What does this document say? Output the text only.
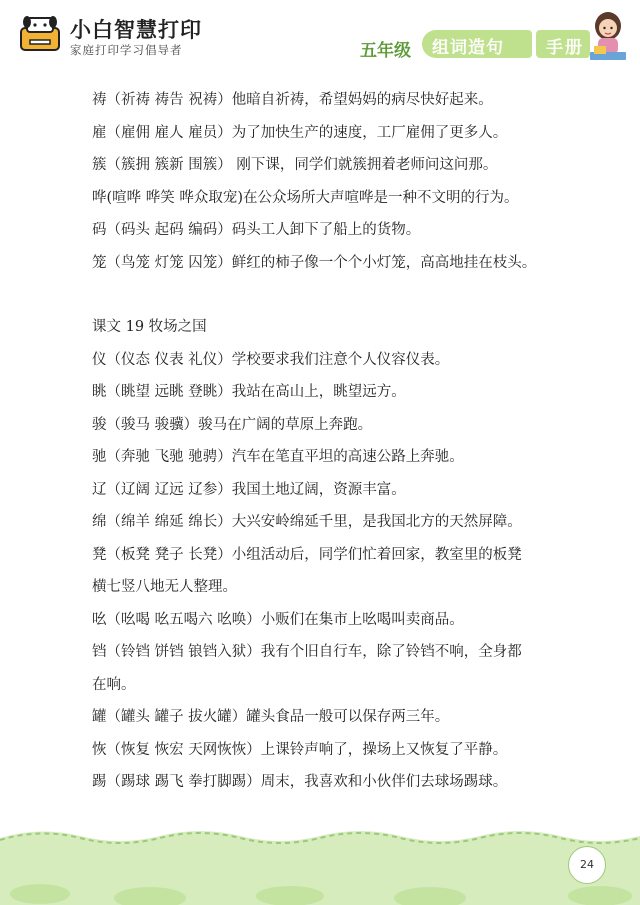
小白智慧打印
家庭打印学习倡导者	五年级 组词造句 手册
祷（祈祷 祷告 祝祷）他暗自祈祷，希望妈妈的病尽快好起来。
雇（雇佣 雇人 雇员）为了加快生产的速度，工厂雇佣了更多人。
簇（簇拥 簇新 围簇） 刚下课，同学们就簇拥着老师问这问那。
哗(喧哗 哗笑 哗众取宠)在公众场所大声喧哗是一种不文明的行为。
码（码头 起码 编码）码头工人卸下了船上的货物。
笼（鸟笼 灯笼 囚笼）鲜红的柿子像一个个小灯笼，高高地挂在枝头。
课文 19 牧场之国
仪（仪态 仪表 礼仪）学校要求我们注意个人仪容仪表。
眺（眺望 远眺 登眺）我站在高山上，眺望远方。
骏（骏马 骏骥）骏马在广阔的草原上奔跑。
驰（奔驰 飞驰 驰骋）汽车在笔直平坦的高速公路上奔驰。
辽（辽阔 辽远 辽参）我国土地辽阔，资源丰富。
绵（绵羊 绵延 绵长）大兴安岭绵延千里，是我国北方的天然屏障。
凳（板凳 凳子 长凳）小组活动后，同学们忙着回家，教室里的板凳
横七竖八地无人整理。
吆（吆喝 吆五喝六 吆唤）小贩们在集市上吆喝叫卖商品。
铛（铃铛 饼铛 锒铛入狱）我有个旧自行车，除了铃铛不响，全身都
在响。
罐（罐头 罐子 拔火罐）罐头食品一般可以保存两三年。
恢（恢复 恢宏 天网恢恢）上课铃声响了，操场上又恢复了平静。
踢（踢球 踢飞 拳打脚踢）周末，我喜欢和小伙伴们去球场踢球。
24
